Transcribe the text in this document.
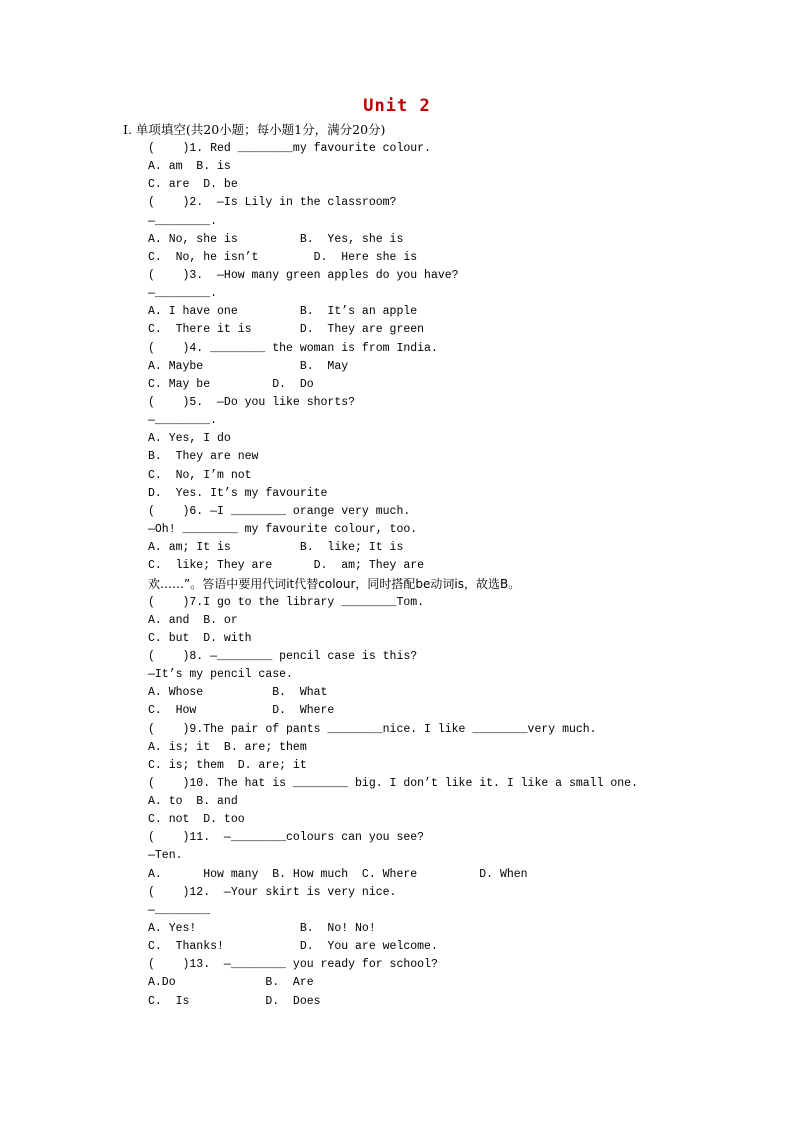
Unit 2
Ⅰ. 单项填空(共20小题；每小题1分，满分20分)
(    )1. Red ________my favourite colour.
A. am  B. is
C. are  D. be
(    )2.  —Is Lily in the classroom?
—________.
A. No, she is         B.  Yes, she is
C.  No, he isn’t        D.  Here she is
(    )3.  —How many green apples do you have?
—________.
A. I have one         B.  It’s an apple
C.  There it is       D.  They are green
(    )4. ________ the woman is from India.
A. Maybe              B.  May
C. May be         D.  Do
(    )5.  —Do you like shorts?
—________.
A. Yes, I do
B.  They are new
C.  No, I’m not
D.  Yes. It’s my favourite
(    )6. —I ________ orange very much.
—Oh! ________ my favourite colour, too.
A. am; It is          B.  like; It is
C.  like; They are      D.  am; They are
欢……”。答语中要用代词it代替colour，同时搭配be动词is，故选B。
(    )7.I go to the library ________Tom.
A. and  B. or
C. but  D. with
(    )8. —________ pencil case is this?
—It’s my pencil case.
A. Whose          B.  What
C.  How           D.  Where
(    )9.The pair of pants ________nice. I like ________very much.
A. is; it  B. are; them
C. is; them  D. are; it
(    )10. The hat is ________ big. I don’t like it. I like a small one.
A. to  B. and
C. not  D. too
(    )11.  —________colours can you see?
—Ten.
A.      How many  B. How much  C. Where         D. When
(    )12.  —Your skirt is very nice.
—________
A. Yes!               B.  No! No!
C.  Thanks!           D.  You are welcome.
(    )13.  —________ you ready for school?
A.Do             B.  Are
C.  Is           D.  Does
